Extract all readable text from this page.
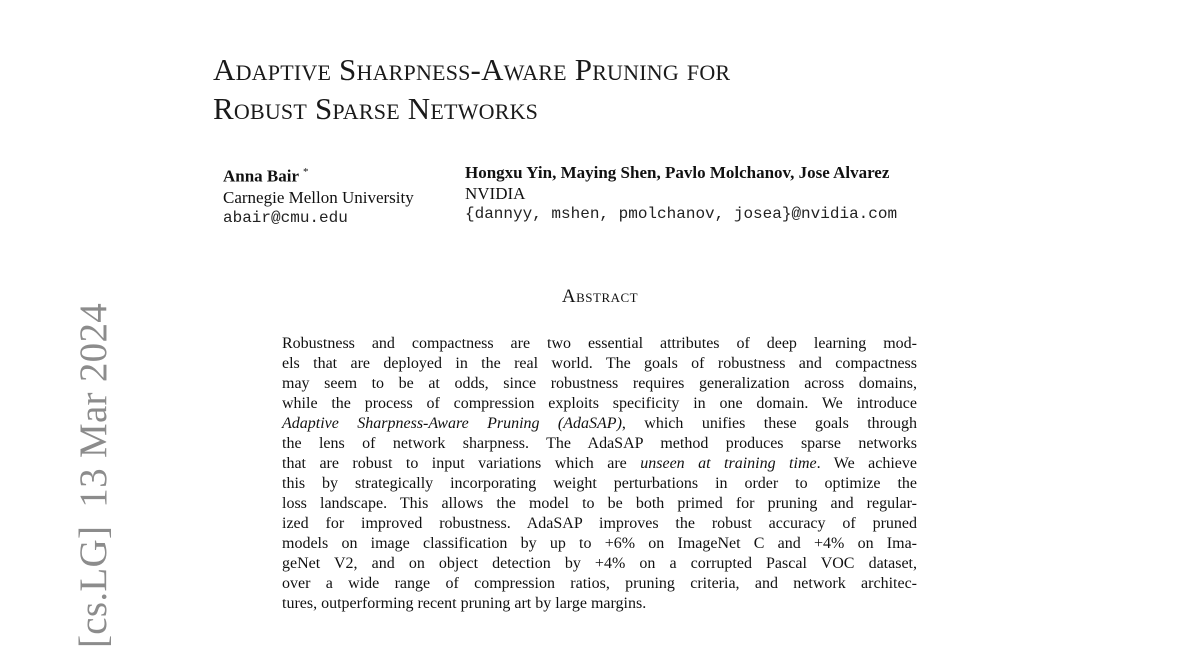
Adaptive Sharpness-Aware Pruning for
Robust Sparse Networks
Anna Bair *
Carnegie Mellon University
abair@cmu.edu
Hongxu Yin, Maying Shen, Pavlo Molchanov, Jose Alvarez
NVIDIA
{dannyy, mshen, pmolchanov, josea}@nvidia.com
Abstract
Robustness and compactness are two essential attributes of deep learning mod-
els that are deployed in the real world. The goals of robustness and compactness
may seem to be at odds, since robustness requires generalization across domains,
while the process of compression exploits specificity in one domain. We introduce
Adaptive Sharpness-Aware Pruning (AdaSAP), which unifies these goals through
the lens of network sharpness. The AdaSAP method produces sparse networks
that are robust to input variations which are unseen at training time. We achieve
this by strategically incorporating weight perturbations in order to optimize the
loss landscape. This allows the model to be both primed for pruning and regular-
ized for improved robustness. AdaSAP improves the robust accuracy of pruned
models on image classification by up to +6% on ImageNet C and +4% on Ima-
geNet V2, and on object detection by +4% on a corrupted Pascal VOC dataset,
over a wide range of compression ratios, pruning criteria, and network architec-
tures, outperforming recent pruning art by large margins.
[cs.LG]13 Mar 2024
